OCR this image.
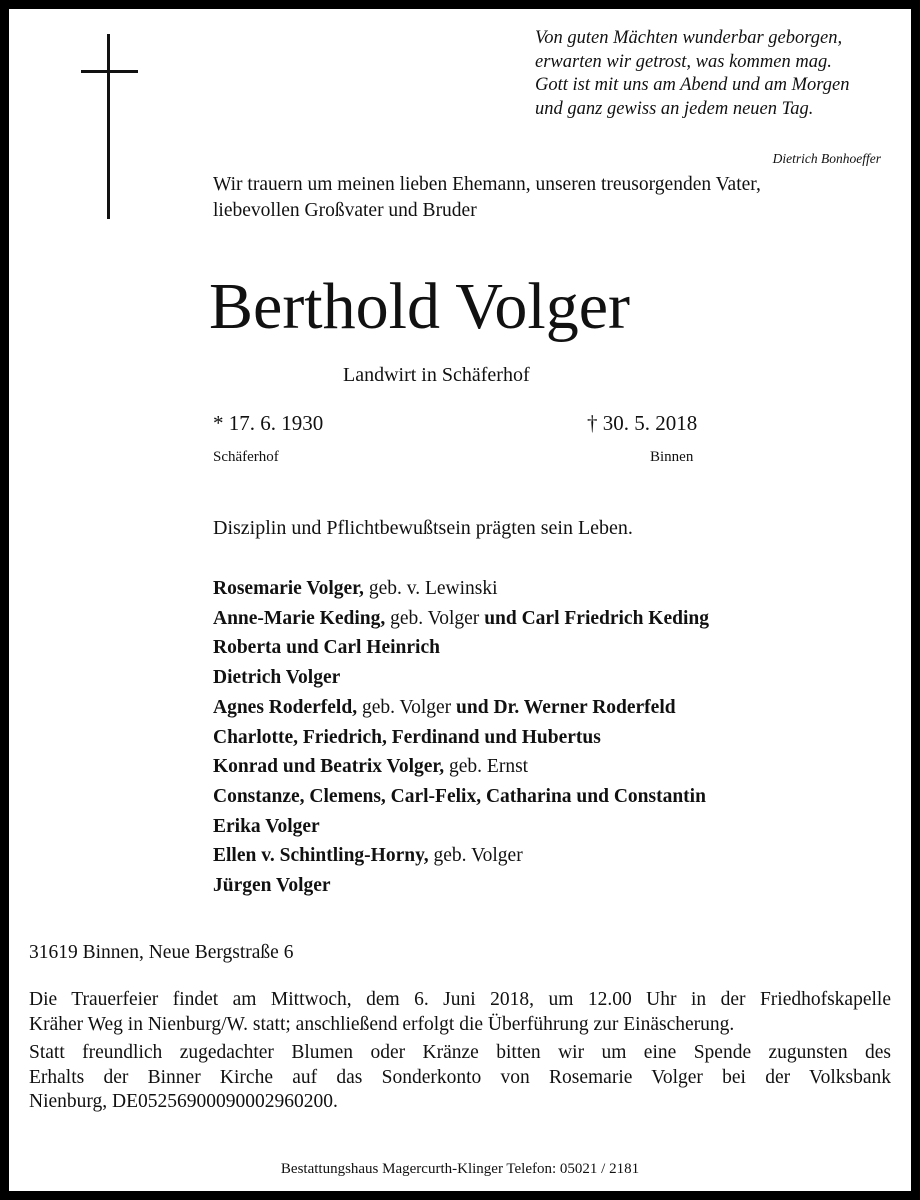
Von guten Mächten wunderbar geborgen,
erwarten wir getrost, was kommen mag.
Gott ist mit uns am Abend und am Morgen
und ganz gewiss an jedem neuen Tag.
Dietrich Bonhoeffer
Wir trauern um meinen lieben Ehemann, unseren treusorgenden Vater,
liebevollen Großvater und Bruder
Berthold Volger
Landwirt in Schäferhof
* 17. 6. 1930	† 30. 5. 2018
Schäferhof	Binnen
Disziplin und Pflichtbewußtsein prägten sein Leben.
Rosemarie Volger, geb. v. Lewinski
Anne-Marie Keding, geb. Volger und Carl Friedrich Keding
Roberta und Carl Heinrich
Dietrich Volger
Agnes Roderfeld, geb. Volger und Dr. Werner Roderfeld
Charlotte, Friedrich, Ferdinand und Hubertus
Konrad und Beatrix Volger, geb. Ernst
Constanze, Clemens, Carl-Felix, Catharina und Constantin
Erika Volger
Ellen v. Schintling-Horny, geb. Volger
Jürgen Volger
31619 Binnen, Neue Bergstraße 6
Die Trauerfeier findet am Mittwoch, dem 6. Juni 2018, um 12.00 Uhr in der Friedhofskapelle
Kräher Weg in Nienburg/W. statt; anschließend erfolgt die Überführung zur Einäscherung.
Statt freundlich zugedachter Blumen oder Kränze bitten wir um eine Spende zugunsten des
Erhalts der Binner Kirche auf das Sonderkonto von Rosemarie Volger bei der Volksbank
Nienburg, DE05256900090002960200.
Bestattungshaus Magercurth-Klinger Telefon: 05021 / 2181
